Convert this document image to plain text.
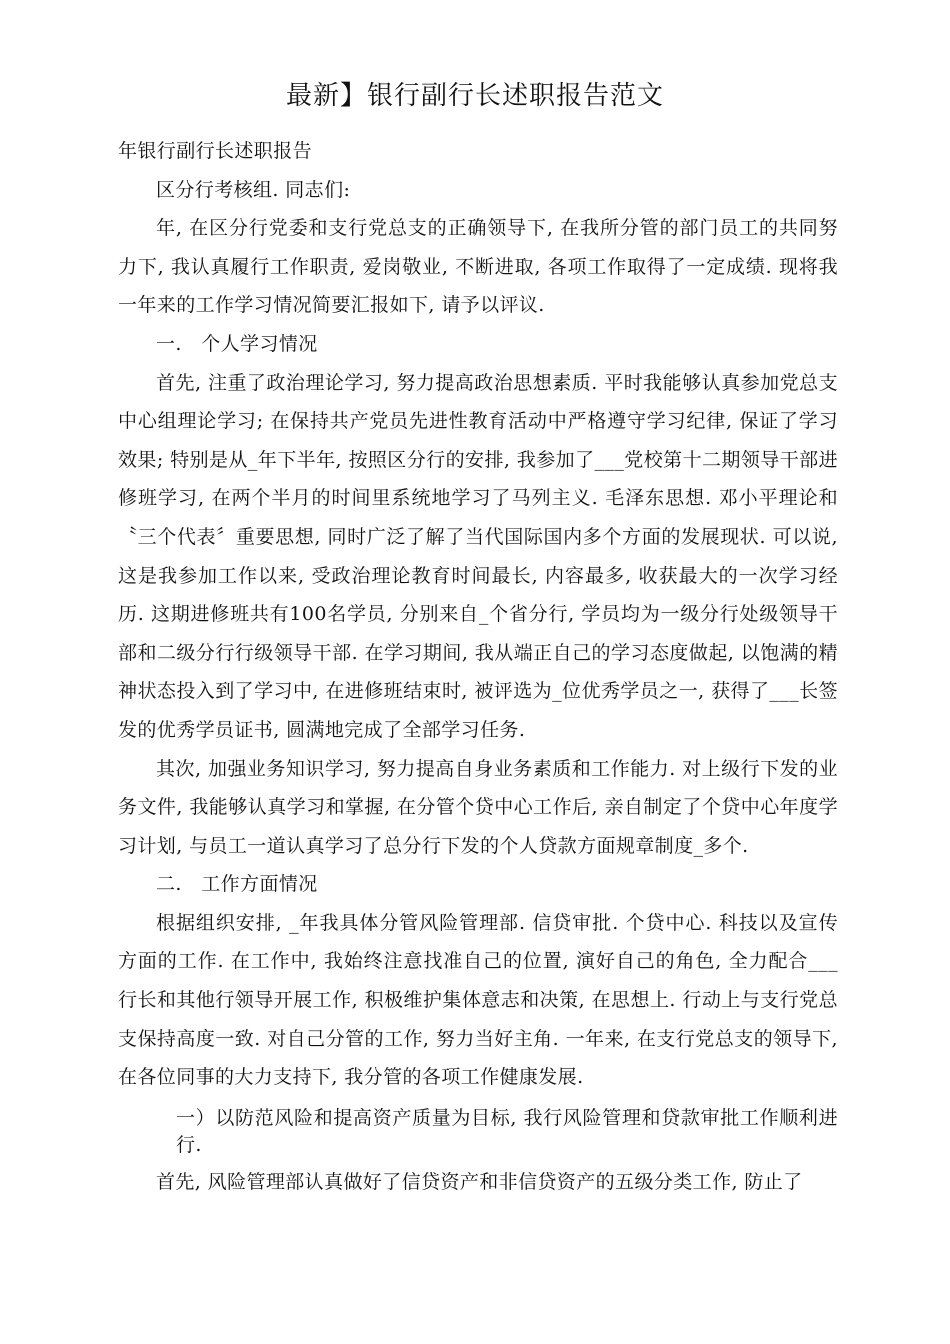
最新】银行副行长述职报告范文

年银行副行长述职报告

区分行考核组. 同志们:

年, 在区分行党委和支行党总支的正确领导下, 在我所分管的部门员工的共同努力下, 我认真履行工作职责, 爱岗敬业, 不断进取, 各项工作取得了一定成绩. 现将我一年来的工作学习情况简要汇报如下, 请予以评议.

一.　个人学习情况

首先, 注重了政治理论学习, 努力提高政治思想素质. 平时我能够认真参加党总支中心组理论学习; 在保持共产党员先进性教育活动中严格遵守学习纪律, 保证了学习效果; 特别是从_年下半年, 按照区分行的安排, 我参加了___党校第十二期领导干部进修班学习, 在两个半月的时间里系统地学习了马列主义. 毛泽东思想. 邓小平理论和〝三个代表〞重要思想, 同时广泛了解了当代国际国内多个方面的发展现状. 可以说, 这是我参加工作以来, 受政治理论教育时间最长, 内容最多, 收获最大的一次学习经历. 这期进修班共有100名学员, 分别来自_个省分行, 学员均为一级分行处级领导干部和二级分行行级领导干部. 在学习期间, 我从端正自己的学习态度做起, 以饱满的精神状态投入到了学习中, 在进修班结束时, 被评选为_位优秀学员之一, 获得了___长签发的优秀学员证书, 圆满地完成了全部学习任务.

其次, 加强业务知识学习, 努力提高自身业务素质和工作能力. 对上级行下发的业务文件, 我能够认真学习和掌握, 在分管个贷中心工作后, 亲自制定了个贷中心年度学习计划, 与员工一道认真学习了总分行下发的个人贷款方面规章制度_多个.

二.　工作方面情况

根据组织安排, _年我具体分管风险管理部. 信贷审批. 个贷中心. 科技以及宣传方面的工作. 在工作中, 我始终注意找准自己的位置, 演好自己的角色, 全力配合___行长和其他行领导开展工作, 积极维护集体意志和决策, 在思想上. 行动上与支行党总支保持高度一致. 对自己分管的工作, 努力当好主角. 一年来, 在支行党总支的领导下, 在各位同事的大力支持下, 我分管的各项工作健康发展.

一）以防范风险和提高资产质量为目标, 我行风险管理和贷款审批工作顺利进行.

首先, 风险管理部认真做好了信贷资产和非信贷资产的五级分类工作, 防止了
